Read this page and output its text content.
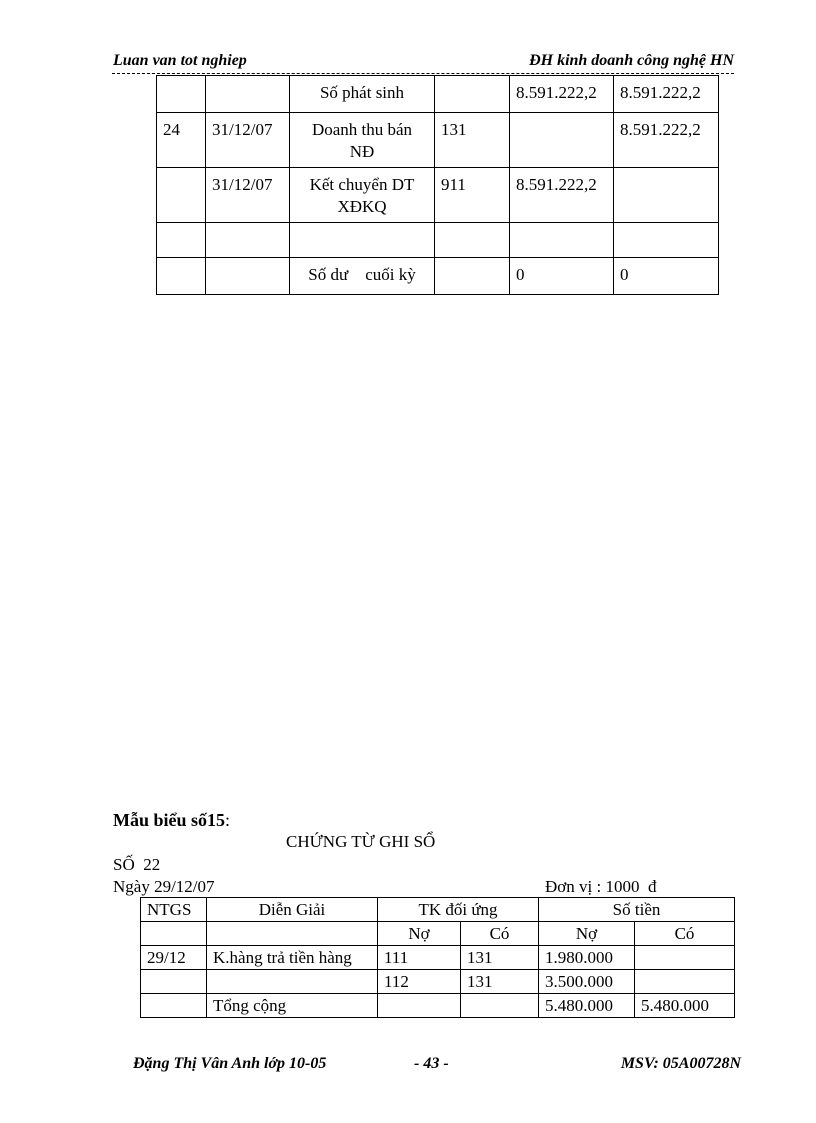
Luan van tot nghiep	ĐH kinh doanh công nghệ HN
		Số phát sinh		8.591.222,2	8.591.222,2
24	31/12/07	Doanh thu bán NĐ	131		8.591.222,2
	31/12/07	Kết chuyển DT XĐKQ	911	8.591.222,2	

		Số dư    cuối kỳ		0	0
Mẫu biểu số15:
CHỨNG TỪ GHI SỔ
SỐ  22
Ngày 29/12/07	Đơn vị : 1000  đ
NTGS	Diễn Giải	TK đối ứng		Số tiền	
		Nợ	Có	Nợ	Có
29/12	K.hàng trả tiền hàng	111	131	1.980.000	
		112	131	3.500.000	
	Tổng cộng			5.480.000	5.480.000
Đặng Thị Vân Anh lớp 10-05	- 43 -	MSV: 05A00728N
